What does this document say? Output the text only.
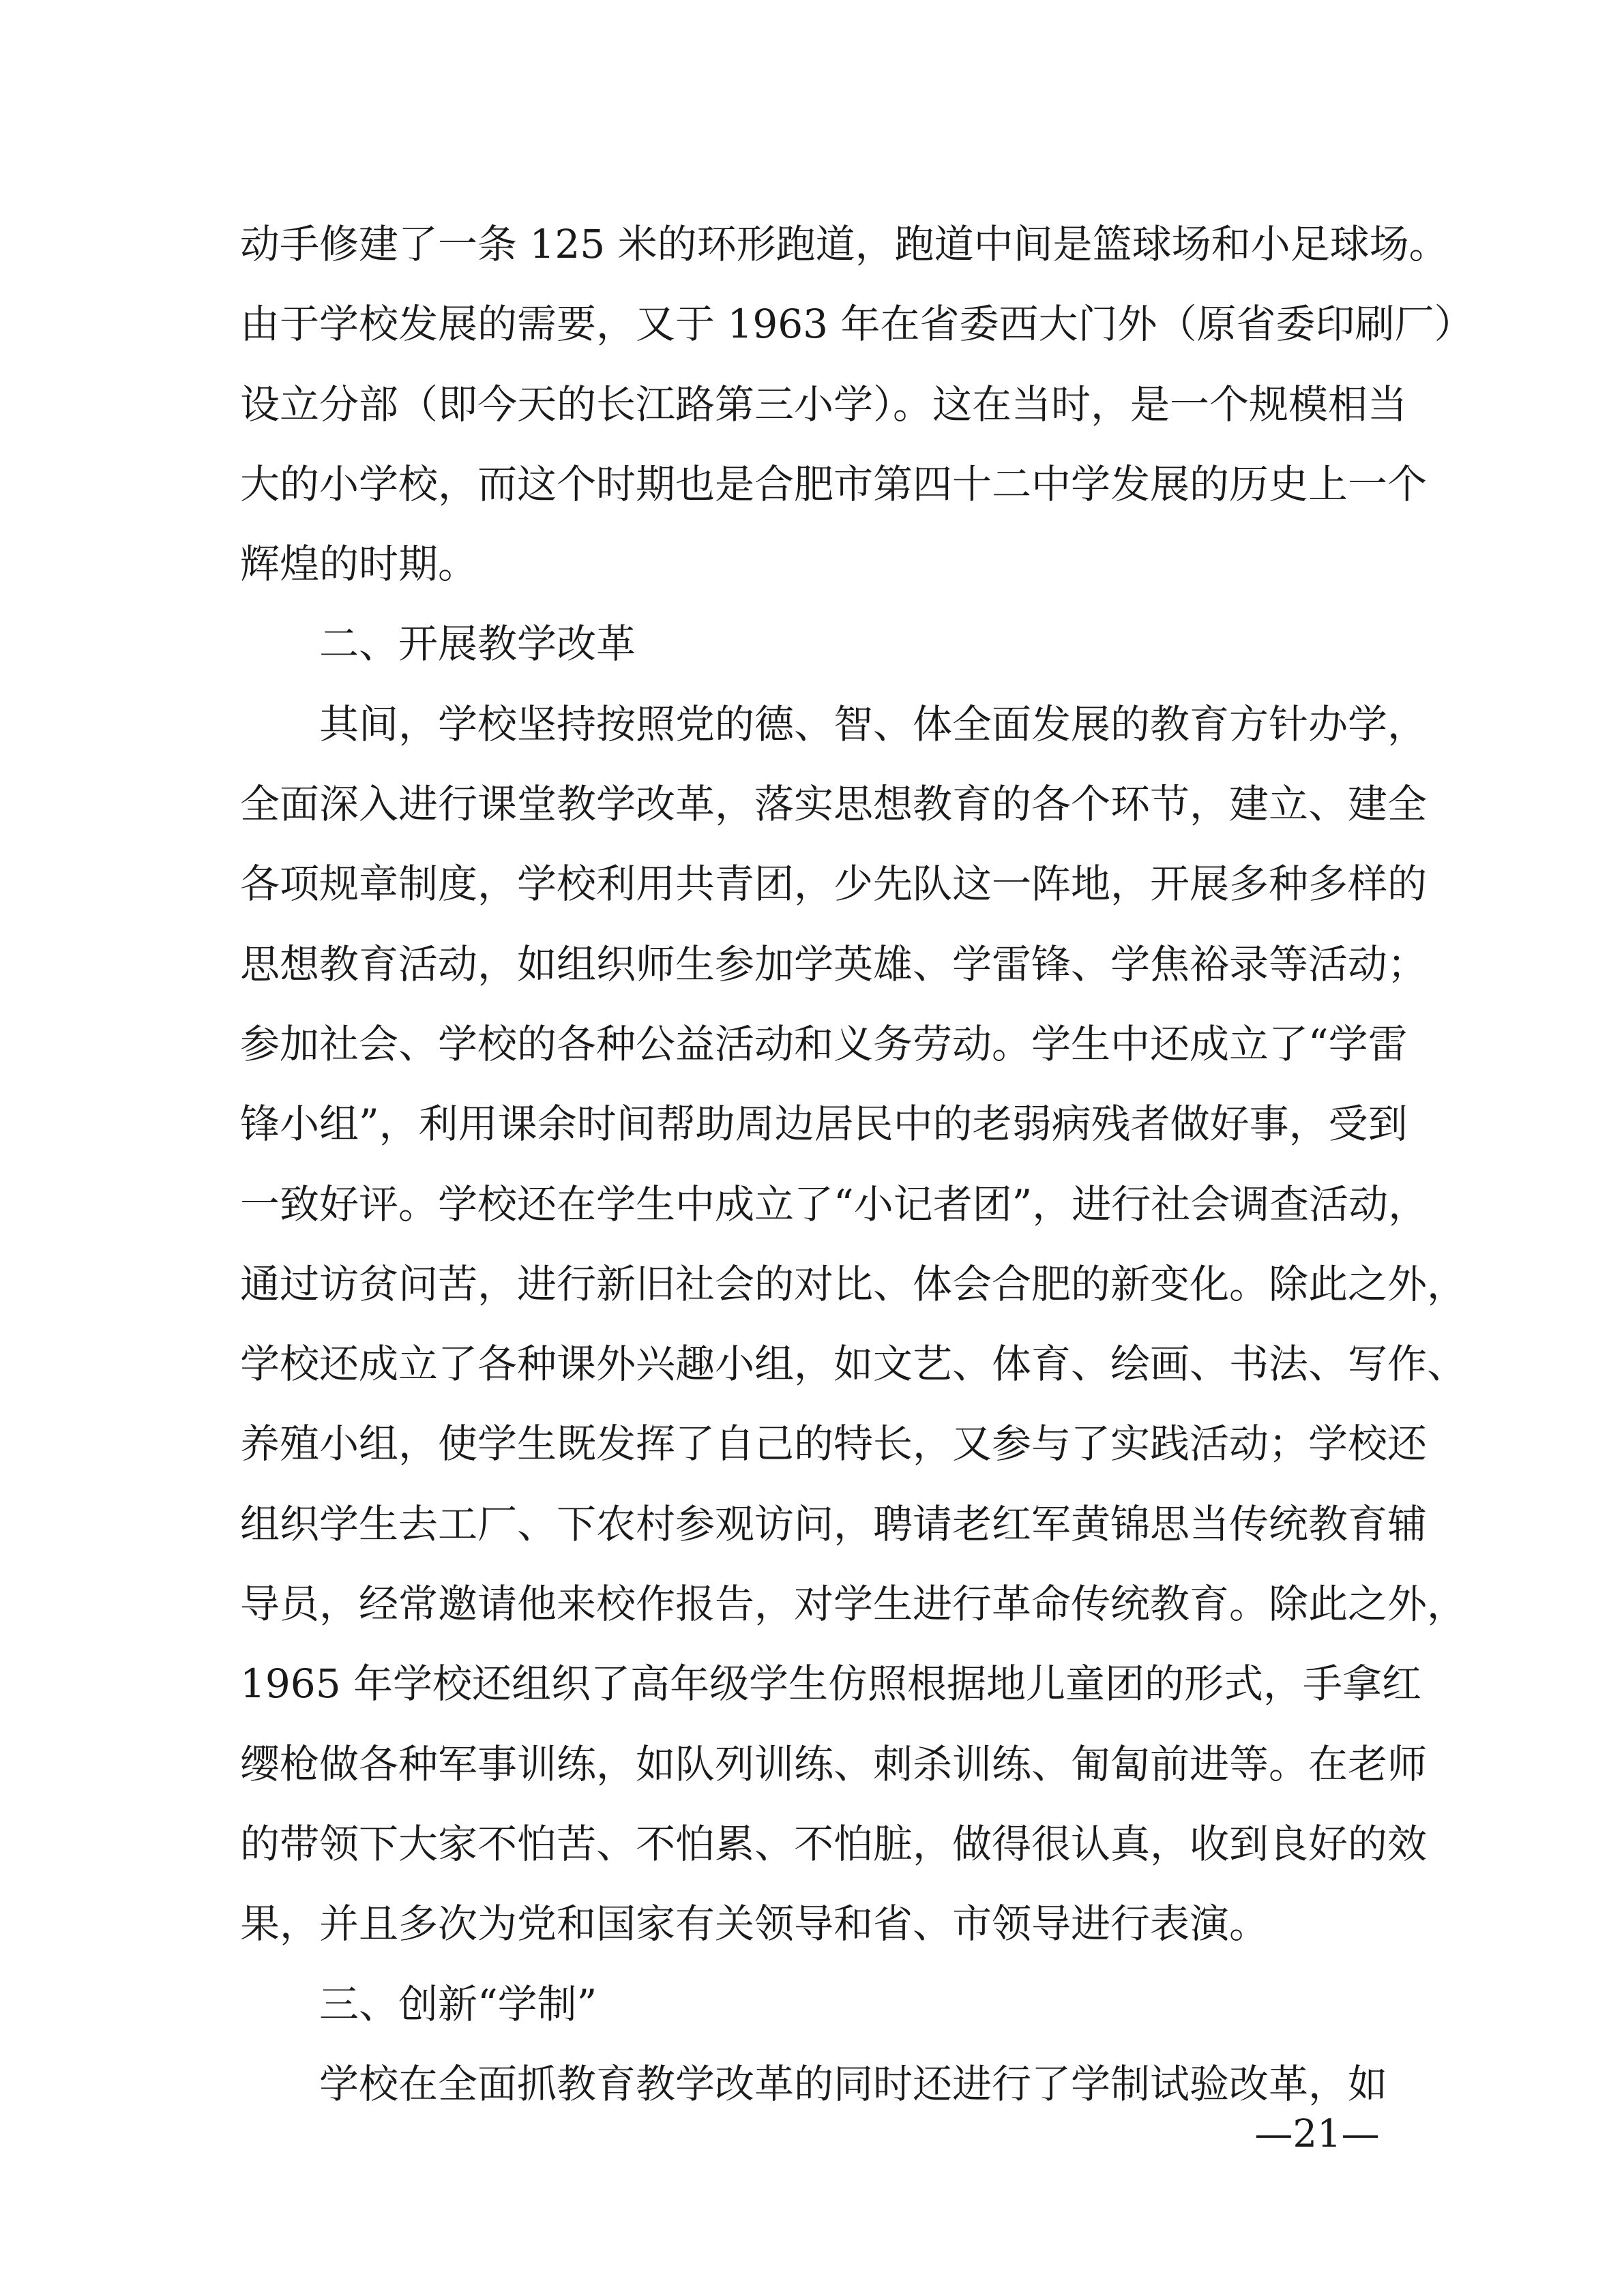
动手修建了一条 125 米的环形跑道，跑道中间是篮球场和小足球场。
由于学校发展的需要，又于 1963 年在省委西大门外（原省委印刷厂）
设立分部（即今天的长江路第三小学）。这在当时，是一个规模相当
大的小学校，而这个时期也是合肥市第四十二中学发展的历史上一个
辉煌的时期。
二、开展教学改革
其间，学校坚持按照党的德、智、体全面发展的教育方针办学，
全面深入进行课堂教学改革，落实思想教育的各个环节，建立、建全
各项规章制度，学校利用共青团，少先队这一阵地，开展多种多样的
思想教育活动，如组织师生参加学英雄、学雷锋、学焦裕录等活动；
参加社会、学校的各种公益活动和义务劳动。学生中还成立了“学雷
锋小组”，利用课余时间帮助周边居民中的老弱病残者做好事，受到
一致好评。学校还在学生中成立了“小记者团”，进行社会调查活动，
通过访贫问苦，进行新旧社会的对比、体会合肥的新变化。除此之外，
学校还成立了各种课外兴趣小组，如文艺、体育、绘画、书法、写作、
养殖小组，使学生既发挥了自己的特长，又参与了实践活动；学校还
组织学生去工厂、下农村参观访问，聘请老红军黄锦思当传统教育辅
导员，经常邀请他来校作报告，对学生进行革命传统教育。除此之外，
1965 年学校还组织了高年级学生仿照根据地儿童团的形式，手拿红
缨枪做各种军事训练，如队列训练、刺杀训练、匍匐前进等。在老师
的带领下大家不怕苦、不怕累、不怕脏，做得很认真，收到良好的效
果，并且多次为党和国家有关领导和省、市领导进行表演。
三、创新“学制”
学校在全面抓教育教学改革的同时还进行了学制试验改革，如
—21—
